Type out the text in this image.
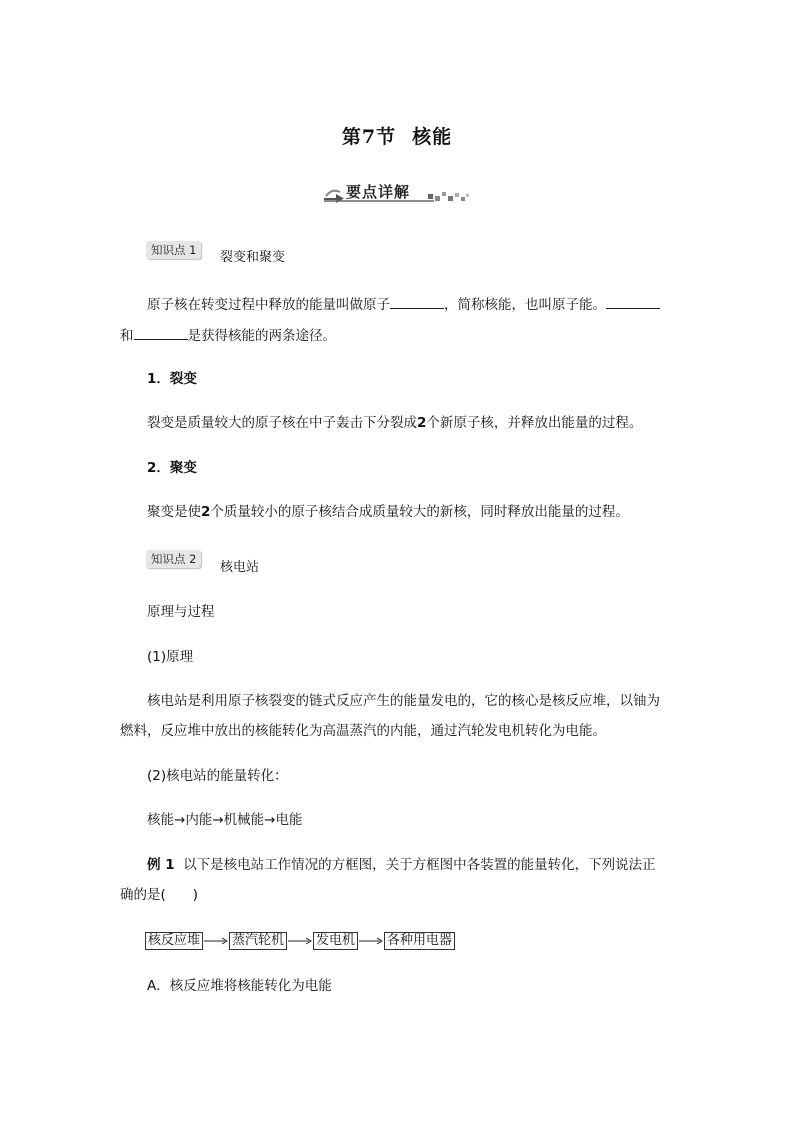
第7节 核能
要点详解
知识点 1	裂变和聚变
原子核在转变过程中释放的能量叫做原子	，简称核能，也叫原子能。
和	是获得核能的两条途径。
1．裂变
裂变是质量较大的原子核在中子轰击下分裂成2个新原子核，并释放出能量的过程。
2．聚变
聚变是使2个质量较小的原子核结合成质量较大的新核，同时释放出能量的过程。
知识点 2
核电站
原理与过程
(1)原理
核电站是利用原子核裂变的链式反应产生的能量发电的，它的核心是核反应堆，以铀为
燃料，反应堆中放出的核能转化为高温蒸汽的内能，通过汽轮发电机转化为电能。
(2)核电站的能量转化：
核能→内能→机械能→电能
例 1 以下是核电站工作情况的方框图，关于方框图中各装置的能量转化，下列说法正
确的是(　　)
核反应堆 蒸汽轮机 发电机 各种用电器
A．核反应堆将核能转化为电能
